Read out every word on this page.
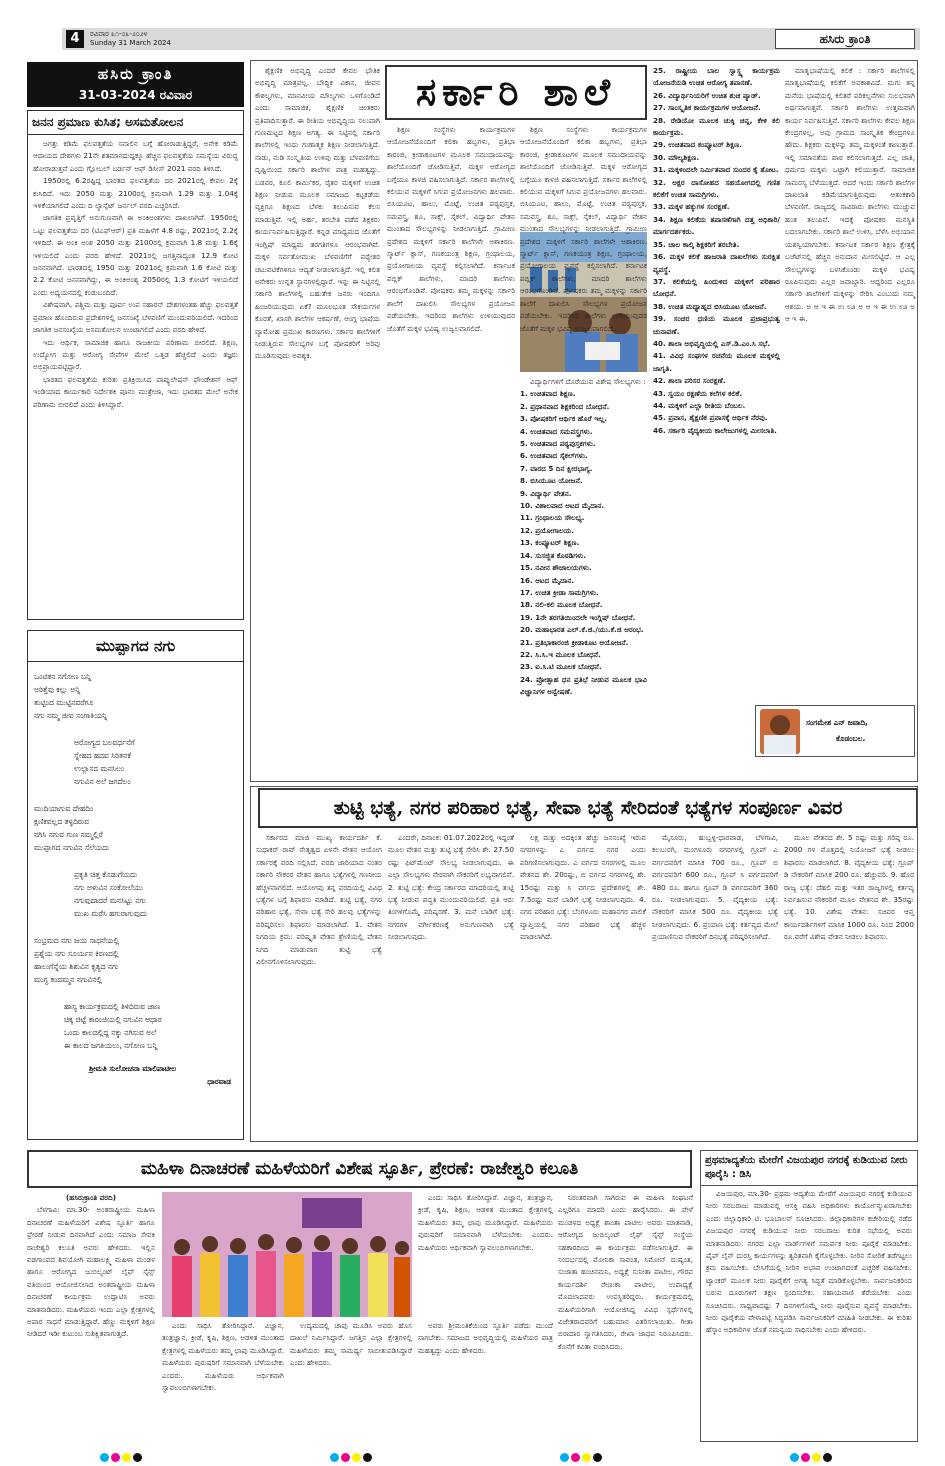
4	ರವಿವಾರ ೩೧-೦೩-೨೦೨೪
Sunday 31 March 2024	ಹಸಿರು ಕ್ರಾಂತಿ
ಹಸಿರು ಕ್ರಾಂತಿ
31-03-2024 ರವಿವಾರ
ಜನನ ಪ್ರಮಾಣ ಕುಸಿತ; ಅಸಮತೋಲನ

ಜಗತ್ತು ಕಡಿಮೆ ಫಲವತ್ತತೆಯ ಸವಾಲಿನ ಬಗ್ಗೆ ಹೋರಾಡುತ್ತಿದ್ದರೆ, ಅನೇಕ ಕಡಿಮೆ ಆದಾಯದ ದೇಶಗಳು 21ನೇ ಶತಮಾನದುದ್ದಕ್ಕೂ ಹೆಚ್ಚಿನ ಫಲವತ್ತತೆಯ ಸಮಸ್ಯೆಯ ವಿರುದ್ಧ ಹೋರಾಡುತ್ತವೆ ಎಂದು ಗ್ಲೋಬಲ್ ಬರ್ಡನ್ ಆಫ್ ಡಿಸೀಸ್ 2021 ವರದಿ ತಿಳಿಸಿದೆ.

1950ರಲ್ಲಿ 6.2ರಷ್ಟಿದ್ದ ಭಾರತದ ಫಲವತ್ತತೆಯ ದರ 2021ರಲ್ಲಿ ಕೇವಲ 2ಕ್ಕೆ ಕುಸಿದಿದೆ. ಇದು 2050 ಮತ್ತು 2100ರಲ್ಲಿ ಕ್ರಮವಾಗಿ 1.29 ಮತ್ತು 1.04ಕ್ಕೆ ಇಳಿಕೆಯಾಗಲಿದೆ ಎಂದು ದಿ ಲ್ಯಾನ್ಸೆಟ್ ಜರ್ನಲ್ ವರದಿ ಎಚ್ಚರಿಸಿದೆ.

ಜಾಗತಿಕ ಪ್ರವೃತ್ತಿಗೆ ಅನುಗುಣವಾಗಿ ಈ ಅಂಕಿಅಂಶಗಳು ದಾಖಲಾಗಿವೆ. 1950ರಲ್ಲಿ ಒಟ್ಟು ಫಲವತ್ತತೆಯ ದರ (ಟಿಎಫ್‌ಆರ್) ಪ್ರತಿ ಮಹಿಳೆಗೆ 4.8 ರಷ್ಟು, 2021ರಲ್ಲಿ 2.2ಕ್ಕೆ ಇಳಿದಿದೆ. ಈ ಅಂಕಿ ಅಂಶ 2050 ಮತ್ತು 2100ರಲ್ಲಿ ಕ್ರಮವಾಗಿ 1.8 ಮತ್ತು 1.6ಕ್ಕೆ ಇಳಿಯಲಿದೆ ಎಂದು ವರದಿ ಹೇಳಿದೆ. 2021ರಲ್ಲಿ ಜಗತ್ತಿನಾದ್ಯಂತ 12.9 ಕೋಟಿ ಜನನವಾಗಿದೆ. ಭಾರತದಲ್ಲಿ 1950 ಮತ್ತು 2021ರಲ್ಲಿ ಕ್ರಮವಾಗಿ 1.6 ಕೋಟಿ ಮತ್ತು 2.2 ಕೋಟಿ ಜನನವಾಗಿದ್ದು, ಈ ಅಂಕಿಅಂಶ್ಯ 2050ರಲ್ಲಿ 1.3 ಕೋಟಿಗೆ ಇಳಿಯಲಿದೆ ಎಂದು ಅಧ್ಯಯನದಲ್ಲಿ ಕಂಡುಬಂದಿದೆ.

ವಿಶೇಷವಾಗಿ, ಪಶ್ಚಿಮ ಮತ್ತು ಪೂರ್ವ ಉಪ ಸಹಾರನ್ ದೇಶಗಳಂತಹ ಹೆಚ್ಚು ಫಲವತ್ತತೆ ಪ್ರಮಾಣ ಹೊಂದಿರುವ ಪ್ರದೇಶಗಳಲ್ಲಿ ಜನಸಂಖ್ಯೆ ಬೆಳವಣಿಗೆ ಮುಂದುವರಿಯಲಿದೆ. ಇದರಿಂದ ಜಾಗತಿಕ ಜನಸಂಖ್ಯೆಯ ಅಸಮತೋಲನ ಉಂಟಾಗಲಿದೆ ಎಂದು ವರದಿ ಹೇಳಿದೆ.

ಇದು ಆರ್ಥಿಕ, ಸಾಮಾಜಿಕ ಹಾಗೂ ರಾಜಕೀಯ ಪರಿಣಾಮ ಬೀರಲಿದೆ. ಶಿಕ್ಷಣ, ಉದ್ಯೋಗ ಮತ್ತು ಆರೋಗ್ಯ ಸೇವೆಗಳ ಮೇಲೆ ಒತ್ತಡ ಹೆಚ್ಚಲಿದೆ ಎಂದು ತಜ್ಞರು ಅಭಿಪ್ರಾಯಪಟ್ಟಿದ್ದಾರೆ.

ಭಾರತದ ಫಲವತ್ತತೆಯ ಕುರಿತು ಪ್ರತಿಕ್ರಿಯಿಸಿದ ಪಾಪ್ಯುಲೇಷನ್ ಫೌಂಡೇಶನ್ ಆಫ್ ಇಂಡಿಯಾದ ಕಾರ್ಯಕಾರಿ ನಿರ್ದೇಶಕಿ ಪೂನಂ ಮುತ್ರೇಜಾ, ಇದು ಭಾರತದ ಮೇಲೆ ಅನೇಕ ಪರಿಣಾಮ ಬೀರಲಿದೆ ಎಂದು ತಿಳಿಸಿದ್ದಾರೆ.

ಮುಪ್ಪಾಗದ ನಗು
ಒಂಟಿತನ ನಗೋಣ ಬನ್ನಿ
ಅರಿತ್ತೆವು ಕಲ್ಲು ಅನ್ನಿ
ತುಟ್ಟಿಂದ ಮುಟ್ಟಿನವರೆಗೂ
ನಗು ನಮ್ಮ ಜೀವ ಸಂಗಾತಿಯನ್ನಿ
ಆರೋಗ್ಯದ ಬಲವರ್ಧನೆಗೆ
ಸ್ನೇಹದ ಹದವ ಸಿರಿತನಕೆ
ಉಲ್ಲಾಸದ ಮನಸಿಲಂ
ನಗುವಿನ ಅಲೆ ಜಗದೆಲಂ
ಮುದಿಯಾಗುವ ದೇಹದಿಂ
ಕ್ಷಣಿಕವಲ್ಲದ ತಳ್ಳದಿರುವ
ನಗಿಸಿ ನಗುವ ಗುಣ ನಮ್ಮಲ್ಲಿರೆ
ಮುಪ್ಪಾಗದ ನಗುವಿನ ಸೆಲೆಯದು
ಪ್ರಕೃತಿ ಚಿತ್ತ ಕೊಡುಗೆಯದು
ನಗು ಅಳುವಿನ ಸಂಕೋಲೆಯು
ನಗುವುದಾದರೆ ಮನಸಿಟ್ಟು ನಗು
ಮುಖ ಮರೆಸಿ ಹಗುರಾಗುವುದು
ಸಂಭ್ರಮದ ನಗು ಜಯ ಸಾಧನೆಯಲ್ಲಿ
ಪ್ರಶ್ನೆಯ ನಗು ಸೂರ್ಯನ ಕಿರಣದಲ್ಲಿ
ಹಾಲುಗೆನ್ನೆಯ ಶಿಶುವಿನ ಕೃತ್ಯದ ನಗು
ಮುಗ್ಧ ಕಂದಮ್ಮನ ನಗುವಿನಲ್ಲಿ
ಹಾಸ್ಯ ಕಾರ್ಯಕ್ರಮದಲ್ಲಿ ತಿಳಿದಿರುವ ಜಾಣ
ಚಿಕ್ಕ ಚಿಟ್ಟೆ ಕಾರಂಜಿಯಲ್ಲಿ ನಗುವಿನ ಆಧಾರ
ಒಂದು ಕಾಲದಲ್ಲಿದ್ದ ನಕ್ಕು ನಗಿಸುವ ಅಲೆ
ಈ ಕಾಲದ ಜಗತಿಯಲು, ನಗೋಣ ಬನ್ನಿ
ಶ್ರೀಮತಿ ಸುಲೋಚನಾ ಮಾಲಿಪಾಟೀಲ
ಧಾರವಾಡ
ಸರ್ಕಾರಿ ಶಾಲೆ

ಶೈಕ್ಷಣಿಕ ಅಭಿವೃದ್ಧಿ ಎಂದರೆ ಕೇವಲ ಭೌತಿಕ ಅಭಿವೃದ್ಧಿ ಮಾತ್ರವಲ್ಲ. ಬೌದ್ಧಿಕ ವಿಕಾಸ, ಜೀವನ ಕೌಶಲ್ಯಗಳು, ಮಾನವೀಯ ಮೌಲ್ಯಗಳು ಒಳಗೊಂಡಿದೆ ಎಂದು ಸಾಮಾಜಿಕ, ಶೈಕ್ಷಣಿಕ ಚಿಂತಕರು ಪ್ರತಿಪಾದಿಸುತ್ತಾರೆ. ಈ ರೀತಿಯ ಅಭಿವೃದ್ಧಿಯ ಸಲುವಾಗಿ ಗುಣಮಟ್ಟದ ಶಿಕ್ಷಣ ಅಗತ್ಯ. ಈ ನಿಟ್ಟಿನಲ್ಲಿ ಸರ್ಕಾರಿ ಶಾಲೆಗಳಲ್ಲಿ ಇಂದು ಗುಣಾತ್ಮಕ ಶಿಕ್ಷಣ ನೀಡಲಾಗುತ್ತಿದೆ. ನಾಡು, ನುಡಿ ಸಂಸ್ಕೃತಿಯ ಉಳಿವು ಮತ್ತು ಬೆಳವಣಿಗೆಯ ದೃಷ್ಟಿಯಿಂದ ಸರ್ಕಾರಿ ಶಾಲೆಗಳ ಪಾತ್ರ ಮಹತ್ವದ್ದು. ಬಡವರ, ಕೂಲಿ ಕಾರ್ಮಿಕರ, ರೈತರ ಮಕ್ಕಳಿಗೆ ಉಚಿತ ಶಿಕ್ಷಣ ನೀಡುವ ಮೂಲಕ ಸಮಾಜದ ಕಟ್ಟಕಡೆಯ ವ್ಯಕ್ತಿಗೂ ಶಿಕ್ಷಣದ ಬೆಳಕು ತಲುಪಿಸುವ ಕೆಲಸ ಮಾಡುತ್ತಿವೆ. ಇಲ್ಲಿ ಅರ್ಹ, ತರಬೇತಿ ಪಡೆದ ಶಿಕ್ಷಕರು ಕಾರ್ಯನಿರ್ವಹಿಸುತ್ತಿದ್ದಾರೆ. ಕನ್ನಡ ಮಾಧ್ಯಮದ ಜೊತೆಗೆ ಇಂಗ್ಲಿಷ್ ಮಾಧ್ಯಮ ತರಗತಿಗಳೂ ಆರಂಭವಾಗಿವೆ. ಮಕ್ಕಳ ಸರ್ವತೋಮುಖ ಬೆಳವಣಿಗೆಗೆ ಪಠ್ಯೇತರ ಚಟುವಟಿಕೆಗಳಿಗೂ ಆದ್ಯತೆ ನೀಡಲಾಗುತ್ತಿದೆ. ಇಲ್ಲಿ ಕಲಿತ ಅನೇಕರು ಉನ್ನತ ಸ್ಥಾನಗಳಲ್ಲಿದ್ದಾರೆ. ಇನ್ನು ಈ ನಿಟ್ಟಿನಲ್ಲಿ ಸರ್ಕಾರಿ ಶಾಲೆಗಳಲ್ಲಿ ಬಹುತೇಕ ಜನರು ಇಂದಿಗೂ ಹಿಂಜರಿಯುವುದು ಏಕೆ? ಮೂಲಭೂತ ಸೌಕರ್ಯಗಳ ಕೊರತೆ, ಖಾಸಗಿ ಶಾಲೆಗಳ ಆಕರ್ಷಣೆ, ಆಂಗ್ಲ ಭಾಷೆಯ ವ್ಯಾಮೋಹ ಪ್ರಮುಖ ಕಾರಣಗಳು. ಸರ್ಕಾರ ಶಾಲೆಗಳಿಗೆ ನೀಡುತ್ತಿರುವ ಸೌಲಭ್ಯಗಳ ಬಗ್ಗೆ ಪೋಷಕರಿಗೆ ಅರಿವು ಮೂಡಿಸುವುದು ಅವಶ್ಯಕ.

ಶಿಕ್ಷಣ ಸಂಸ್ಥೆಗಳು ಕಾರ್ಯಕ್ರಮಗಳ ಆಯೋಜನೆಯೊಂದಿಗೆ ಕಲಿಕಾ ಹಬ್ಬಗಳು, ಪ್ರತಿಭಾ ಕಾರಂಜಿ, ಕ್ರೀಡಾಕೂಟಗಳ ಮೂಲಕ ಸಮುದಾಯವನ್ನು ಶಾಲೆಯೊಂದಿಗೆ ಜೋಡಿಸುತ್ತಿವೆ. ಮಕ್ಕಳ ಆರೋಗ್ಯದ ಬಗ್ಗೆಯೂ ಕಾಳಜಿ ವಹಿಸಲಾಗುತ್ತಿದೆ. ಸರ್ಕಾರ ಶಾಲೆಗಳಲ್ಲಿ ಕಲಿಯುವ ಮಕ್ಕಳಿಗೆ ಸಿಗುವ ಪ್ರಯೋಜನಗಳು ಹಲವಾರು. ಬಿಸಿಯೂಟ, ಹಾಲು, ಮೊಟ್ಟೆ, ಉಚಿತ ಪಠ್ಯಪುಸ್ತಕ, ಸಮವಸ್ತ್ರ, ಶೂ, ಸಾಕ್ಸ್, ಸೈಕಲ್, ವಿದ್ಯಾರ್ಥಿ ವೇತನ ಮುಂತಾದ ಸೌಲಭ್ಯಗಳನ್ನು ನೀಡಲಾಗುತ್ತಿದೆ. ಗ್ರಾಮೀಣ ಪ್ರದೇಶದ ಮಕ್ಕಳಿಗೆ ಸರ್ಕಾರಿ ಶಾಲೆಗಳೇ ಆಶಾಕಿರಣ. ಸ್ಮಾರ್ಟ್ ಕ್ಲಾಸ್, ಗಣಕಯಂತ್ರ ಶಿಕ್ಷಣ, ಗ್ರಂಥಾಲಯ, ಪ್ರಯೋಗಾಲಯ ವ್ಯವಸ್ಥೆ ಕಲ್ಪಿಸಲಾಗಿದೆ. ಕರ್ನಾಟಕ ಪಬ್ಲಿಕ್ ಶಾಲೆಗಳು, ಮಾದರಿ ಶಾಲೆಗಳು ಆರಂಭಗೊಂಡಿವೆ. ಪೋಷಕರು ತಮ್ಮ ಮಕ್ಕಳನ್ನು ಸರ್ಕಾರಿ ಶಾಲೆಗೆ ದಾಖಲಿಸಿ ಸೌಲಭ್ಯಗಳ ಪ್ರಯೋಜನ ಪಡೆಯಬೇಕು. ಇದರಿಂದ ಶಾಲೆಗಳು ಉಳಿಯುವುದರ ಜೊತೆಗೆ ಮಕ್ಕಳ ಭವಿಷ್ಯ ಉಜ್ವಲವಾಗಲಿದೆ.

ಶಿಕ್ಷಣ ಸಂಸ್ಥೆಗಳು ಕಾರ್ಯಕ್ರಮಗಳ ಆಯೋಜನೆಯೊಂದಿಗೆ ಕಲಿಕಾ ಹಬ್ಬಗಳು, ಪ್ರತಿಭಾ ಕಾರಂಜಿ, ಕ್ರೀಡಾಕೂಟಗಳ ಮೂಲಕ ಸಮುದಾಯವನ್ನು ಶಾಲೆಯೊಂದಿಗೆ ಜೋಡಿಸುತ್ತಿವೆ. ಮಕ್ಕಳ ಆರೋಗ್ಯದ ಬಗ್ಗೆಯೂ ಕಾಳಜಿ ವಹಿಸಲಾಗುತ್ತಿದೆ. ಸರ್ಕಾರ ಶಾಲೆಗಳಲ್ಲಿ ಕಲಿಯುವ ಮಕ್ಕಳಿಗೆ ಸಿಗುವ ಪ್ರಯೋಜನಗಳು ಹಲವಾರು. ಬಿಸಿಯೂಟ, ಹಾಲು, ಮೊಟ್ಟೆ, ಉಚಿತ ಪಠ್ಯಪುಸ್ತಕ, ಸಮವಸ್ತ್ರ, ಶೂ, ಸಾಕ್ಸ್, ಸೈಕಲ್, ವಿದ್ಯಾರ್ಥಿ ವೇತನ ಮುಂತಾದ ಸೌಲಭ್ಯಗಳನ್ನು ನೀಡಲಾಗುತ್ತಿದೆ. ಗ್ರಾಮೀಣ ಪ್ರದೇಶದ ಮಕ್ಕಳಿಗೆ ಸರ್ಕಾರಿ ಶಾಲೆಗಳೇ ಆಶಾಕಿರಣ. ಸ್ಮಾರ್ಟ್ ಕ್ಲಾಸ್, ಗಣಕಯಂತ್ರ ಶಿಕ್ಷಣ, ಗ್ರಂಥಾಲಯ, ಪ್ರಯೋಗಾಲಯ ವ್ಯವಸ್ಥೆ ಕಲ್ಪಿಸಲಾಗಿದೆ. ಕರ್ನಾಟಕ ಪಬ್ಲಿಕ್ ಶಾಲೆಗಳು, ಮಾದರಿ ಶಾಲೆಗಳು ಆರಂಭಗೊಂಡಿವೆ. ಪೋಷಕರು ತಮ್ಮ ಮಕ್ಕಳನ್ನು ಸರ್ಕಾರಿ ಶಾಲೆಗೆ ದಾಖಲಿಸಿ ಸೌಲಭ್ಯಗಳ ಪ್ರಯೋಜನ ಪಡೆಯಬೇಕು. ಇದರಿಂದ ಶಾಲೆಗಳು ಉಳಿಯುವುದರ ಜೊತೆಗೆ ಮಕ್ಕಳ ಭವಿಷ್ಯ ಉಜ್ವಲವಾಗಲಿದೆ.

ವಿದ್ಯಾರ್ಥಿಗಳಿಗೆ ದೊರೆಯುವ ವಿಶೇಷ ಸೌಲಭ್ಯಗಳು :
1. ಉಚಿತವಾದ ಶಿಕ್ಷಣ.
2. ಪ್ರಧಾನವಾದ ಶಿಕ್ಷಕರಿಂದ ಬೋಧನೆ.
3. ಪೋಷಕರಿಗೆ ಆರ್ಥಿಕ ಹೊರೆ ಇಲ್ಲ.
4. ಉಚಿತವಾದ ಸಮವಸ್ತ್ರಗಳು.
5. ಉಚಿತವಾದ ಪಠ್ಯಪುಸ್ತಕಗಳು.
6. ಉಚಿತವಾದ ಸೈಕಲ್‌ಗಳು.
7. ವಾರದ 5 ದಿನ ಕ್ಷೀರಭಾಗ್ಯ.
8. ಬಿಸಿಯೂಟ ಯೋಜನೆ.
9. ವಿದ್ಯಾರ್ಥಿ ವೇತನ.
10. ವಿಶಾಲವಾದ ಆಟದ ಮೈದಾನ.
11. ಗ್ರಂಥಾಲಯ ಸೌಲಭ್ಯ.
12. ಪ್ರಯೋಗಾಲಯ.
13. ಕಂಪ್ಯೂಟರ್ ಶಿಕ್ಷಣ.
14. ಸುಸಜ್ಜಿತ ಕೊಠಡಿಗಳು.
15. ನವೀನ ಶೌಚಾಲಯಗಳು.
16. ಆಟದ ಮೈದಾನ.
17. ಉಚಿತ ಕ್ರೀಡಾ ಸಾಮಗ್ರಿಗಳು.
18. ನಲಿ-ಕಲಿ ಮೂಲಕ ಬೋಧನೆ.
19. 1ನೇ ತರಗತಿಯಿಂದಲೇ ಇಂಗ್ಲಿಷ್ ಬೋಧನೆ.
20. ಮಹಾಭಾರತ ಎಲ್.ಕೆ.ಜಿ./ಯು.ಕೆ.ಜಿ ಆರಂಭ.
21. ಪ್ರತಿಭಾಕಾರಂಜಿ ಕ್ರೀಡಾಕೂಟ ಆಯೋಜನೆ.
22. ಸಿ.ಸಿ.ಇ ಮೂಲಕ ಬೋಧನೆ.
23. ಐ.ಸಿ.ಟಿ ಮೂಲಕ ಬೋಧನೆ.
24. ಪ್ರೋತ್ಸಾಹ ಧನ ಪ್ರತಿಭೆ ನೀಡುವ ಮೂಲಕ ಭಾವಿ ವಿಜ್ಞಾನಿಗಳ ಅನ್ವೇಷಣೆ.
25. ರಾಷ್ಟ್ರೀಯ ಬಾಲ ಸ್ವಾಸ್ಥ್ಯ ಕಾರ್ಯಕ್ರಮ ಯೋಜನೆಯಡಿ ಉಚಿತ ಆರೋಗ್ಯ ತಪಾಸಣೆ.
26. ವಿದ್ಯಾರ್ಥಿನಿಯರಿಗೆ ಉಚಿತ ಶುಚಿ ಪ್ಯಾಡ್.
27. ಸಾಂಸ್ಕೃತಿಕ ಕಾರ್ಯಕ್ರಮಗಳ ಆಯೋಜನೆ.
28. ರೇಡಿಯೋ ಮೂಲಕ ಚುಕ್ಕಿ ಚಿನ್ನ, ಕೇಳಿ ಕಲಿ ಕಾರ್ಯಕ್ರಮ.
29. ಉಚಿತವಾದ ಕಂಪ್ಯೂಟರ್ ಶಿಕ್ಷಣ.
30. ಮೌಲ್ಯಶಿಕ್ಷಣ.
31. ಮಕ್ಕಳಿಂದಲೇ ನಿರ್ಮಿತವಾದ ಸುಂದರ ಕೈ ತೋಟ.
32. ಅಕ್ಷರ ದಾಸೋಹದ ಸಹಯೋಗದಲ್ಲಿ ಗಣಿತ ಕಲಿಕೆಗೆ ಉಚಿತ ಸಾಮಗ್ರಿಗಳು.
33. ಮಕ್ಕಳ ಹಕ್ಕುಗಳ ಸಂರಕ್ಷಣೆ.
34. ಶಿಕ್ಷಣ ಕಲಿಕೆಯ ತಪಾಸಣೆಗಾಗಿ ದತ್ತ ಅಧಿಕಾರಿ/ ಮಾರ್ಗದರ್ಶಕರು.
35. ಚಾಲ ಕಾಲ್ಕಿ ಶಿಕ್ಷಕರಿಗೆ ತರಬೇತಿ.
36. ಮಕ್ಕಳ ಕಲಿಕೆ ಹಾಜರಾತಿ ದಾಖಲೆಗಳು ಸುರಕ್ಷಿತ ವ್ಯವಸ್ಥೆ.
37. ಕಲಿಕೆಯಲ್ಲಿ ಹಿಂದುಳಿದ ಮಕ್ಕಳಿಗೆ ಪರಿಹಾರ ಬೋಧನೆ.
38. ಉಚಿತ ಮಧ್ಯಾಹ್ನದ ಬಿಸಿಯೂಟ ಯೋಜನೆ.
39. ಸಂಚರ ಧಣಿಯ ಮೂಲಕ ಪ್ರಜಾಪ್ರಭುತ್ವ ಚುನಾವಣೆ.
40. ಶಾಲಾ ಅಭಿವೃದ್ಧಿಯಲ್ಲಿ ಎಸ್.ಡಿ.ಎಂ.ಸಿ ಸಭೆ.
41. ವಿವಿಧ ಸಂಘಗಳ ರಚನೆಯ ಮೂಲಕ ಮಕ್ಕಳಲ್ಲಿ ಜಾಗೃತಿ.
42. ಶಾಲಾ ಪರಿಸರ ಸಂರಕ್ಷಣೆ.
43. ಸ್ವಯಂ ರಕ್ಷಣೆಯ ಕಲೆಗಳ ಕಲಿಕೆ.
44. ಮಕ್ಕಳಿಗೆ ಎಲ್ಲಾ ರೀತಿಯ ಬೆಂಬಲ.
45. ಪ್ರವಾಸ, ಶೈಕ್ಷಣಿಕ ಪ್ರವಾಸಕ್ಕೆ ಆರ್ಥಿಕ ನೆರವು.
46. ಸರ್ಕಾರಿ ವೈದ್ಯಕೀಯ ಕಾಲೇಜುಗಳಲ್ಲಿ ಮೀಸಲಾತಿ.

ಮಾತೃಭಾಷೆಯಲ್ಲಿ ಕಲಿಕೆ : ಸರ್ಕಾರಿ ಶಾಲೆಗಳಲ್ಲಿ ಮಾತೃಭಾಷೆಯಲ್ಲಿ ಕಲಿಕೆಗೆ ಅವಕಾಶವಿದೆ. ಮಗು ತನ್ನ ಮನೆಯ ಭಾಷೆಯಲ್ಲಿ ಕಲಿತರೆ ಪರಿಕಲ್ಪನೆಗಳು ಸುಲಭವಾಗಿ ಅರ್ಥವಾಗುತ್ತವೆ. ಸರ್ಕಾರಿ ಶಾಲೆಗಳು ಉತ್ತಮವಾಗಿ ಕಾರ್ಯ ನಿರ್ವಹಿಸುತ್ತಿವೆ. ಸರ್ಕಾರಿ ಶಾಲೆಗಳು ಕೇವಲ ಶಿಕ್ಷಣ ಕೇಂದ್ರಗಳಲ್ಲ, ಅವು ಗ್ರಾಮದ ಸಾಂಸ್ಕೃತಿಕ ಕೇಂದ್ರಗಳೂ ಹೌದು. ಶಿಕ್ಷಕರು ಮಕ್ಕಳನ್ನು ತಮ್ಮ ಮಕ್ಕಳಂತೆ ಕಾಣುತ್ತಾರೆ. ಇಲ್ಲಿ ಸಮಾನತೆಯ ಪಾಠ ಕಲಿಸಲಾಗುತ್ತದೆ. ಎಲ್ಲ ಜಾತಿ, ಧರ್ಮದ ಮಕ್ಕಳು ಒಟ್ಟಾಗಿ ಕಲಿಯುತ್ತಾರೆ. ಸಾಮಾಜಿಕ ಸಾಮರಸ್ಯ ಬೆಳೆಯುತ್ತದೆ. ಆದರೆ ಇಂದು ಸರ್ಕಾರಿ ಶಾಲೆಗಳ ದಾಖಲಾತಿ ಕಡಿಮೆಯಾಗುತ್ತಿರುವುದು ಆತಂಕಕಾರಿ ಬೆಳವಣಿಗೆ. ರಾಜ್ಯದಲ್ಲಿ ಸಾವಿರಾರು ಶಾಲೆಗಳು ಮುಚ್ಚುವ ಹಂತ ತಲುಪಿವೆ. ಇದಕ್ಕೆ ಪೋಷಕರ ಮನಸ್ಥಿತಿ ಬದಲಾಗಬೇಕು. ಸರ್ಕಾರಿ ಶಾಲೆ ಉಳಿಸಿ, ಬೆಳೆಸಿ ಅಭಿಯಾನ ಯಶಸ್ವಿಯಾಗಬೇಕು. ಕರ್ನಾಟಕ ಸರ್ಕಾರ ಶಿಕ್ಷಣ ಕ್ಷೇತ್ರಕ್ಕೆ ಬಜೆಟ್‌ನಲ್ಲಿ ಹೆಚ್ಚಿನ ಅನುದಾನ ಮೀಸಲಿಟ್ಟಿದೆ. ಆ ಎಲ್ಲ ಸೌಲಭ್ಯಗಳನ್ನು ಬಳಸಿಕೊಂಡು ಮಕ್ಕಳ ಭವಿಷ್ಯ ರೂಪಿಸುವುದು ಎಲ್ಲರ ಜವಾಬ್ದಾರಿ. ಆದ್ದರಿಂದ ಎಲ್ಲರೂ ಸರ್ಕಾರಿ ಶಾಲೆಗಳಿಗೆ ಮಕ್ಕಳನ್ನು ಸೇರಿಸಿ ಎಂಬುದು ನಮ್ಮ ಆಶಯ. ಅ ಆ ಇ ಈ ಉ ಊ ಅ ಆ ಇ ಈ ಉ ಊ ಅ ಆ ಇ ಈ.

ಸಂಗಮೇಶ ಎನ್ ಜವಾದಿ,
ಕೊಡಂಬಲ.
ತುಟ್ಟಿ ಭತ್ಯೆ, ನಗರ ಪರಿಹಾರ ಭತ್ಯೆ, ಸೇವಾ ಭತ್ಯೆ ಸೇರಿದಂತೆ ಭತ್ಯೆಗಳ ಸಂಪೂರ್ಣ ವಿವರ

ಸರ್ಕಾರದ ಮಾಜಿ ಮುಖ್ಯ ಕಾರ್ಯದರ್ಶಿ ಕೆ. ಸುಧಾಕರ್ ರಾವ್ ನೇತೃತ್ವದ ಏಳನೇ ವೇತನ ಆಯೋಗ ಸರ್ಕಾರಕ್ಕೆ ವರದಿ ಸಲ್ಲಿಸಿದೆ. ವರದಿ ಜಾರಿಯಾದ ನಂತರ ಸರ್ಕಾರಿ ನೌಕರರ ವೇತನ ಹಾಗೂ ಭತ್ಯೆಗಳಲ್ಲಿ ಗಣನೀಯ ಹೆಚ್ಚಳವಾಗಲಿದೆ. ಆಯೋಗವು ತನ್ನ ವರದಿಯಲ್ಲಿ ವಿವಿಧ ಭತ್ಯೆಗಳ ಬಗ್ಗೆ ಶಿಫಾರಸು ಮಾಡಿದೆ. ತುಟ್ಟಿ ಭತ್ಯೆ, ನಗರ ಪರಿಹಾರ ಭತ್ಯೆ, ಸೇವಾ ಭತ್ಯೆ ಸೇರಿ ಹಲವು ಭತ್ಯೆಗಳನ್ನು ಪರಿಷ್ಕರಿಸಲು ಶಿಫಾರಸು ಮಾಡಲಾಗಿದೆ. 1. ವೇತನ ನಿಗದಿಯ ಕ್ರಮ: ಪರಿಷ್ಕೃತ ವೇತನ ಶ್ರೇಣಿಯಲ್ಲಿ ವೇತನ ನಿಗದಿ ಮಾಡುವಾಗ ತುಟ್ಟಿ ಭತ್ಯೆ ವಿಲೀನಗೊಳಿಸಲಾಗುವುದು.

ಎಂದರೇ, ದಿನಾಂಕ: 01.07.2022ರಲ್ಲಿ ಇದ್ದಂತೆ ಮೂಲ ವೇತನ ಮತ್ತು ತುಟ್ಟಿ ಭತ್ಯೆ ಸೇರಿಸಿ ಶೇ. 27.50 ರಷ್ಟು ಫಿಟ್‌ಮೆಂಟ್ ಸೌಲಭ್ಯ ನೀಡಲಾಗುವುದು. ಈ ಎಲ್ಲಾ ಸೌಲಭ್ಯಗಳು ನೇರವಾಗಿ ನೌಕರರಿಗೆ ಲಭ್ಯವಾಗಲಿವೆ. 2. ತುಟ್ಟಿ ಭತ್ಯೆ: ಕೇಂದ್ರ ಸರ್ಕಾರದ ಮಾದರಿಯಲ್ಲಿ ತುಟ್ಟಿ ಭತ್ಯೆ ನೀಡುವ ಪದ್ಧತಿ ಮುಂದುವರಿಯಲಿದೆ. ಪ್ರತಿ ಆರು ತಿಂಗಳಿಗೊಮ್ಮೆ ಪರಿಷ್ಕರಣೆ. 3. ಮನೆ ಬಾಡಿಗೆ ಭತ್ಯೆ: ನಗರಗಳ ವರ್ಗೀಕರಣಕ್ಕೆ ಅನುಗುಣವಾಗಿ ಭತ್ಯೆ ನೀಡಲಾಗುವುದು.

ಲಕ್ಷ ಮತ್ತು ಅದಕ್ಕಿಂತ ಹೆಚ್ಚು ಜನಸಂಖ್ಯೆ ಇರುವ ನಗರಗಳನ್ನು ಎ ವರ್ಗದ ನಗರ ಎಂದು ಪರಿಗಣಿಸಲಾಗುವುದು. ಎ ವರ್ಗದ ನಗರಗಳಲ್ಲಿ ಮೂಲ ವೇತನದ ಶೇ. 20ರಷ್ಟು, ಬಿ ವರ್ಗದ ನಗರಗಳಲ್ಲಿ ಶೇ. 15ರಷ್ಟು ಮತ್ತು ಸಿ ವರ್ಗದ ಪ್ರದೇಶಗಳಲ್ಲಿ ಶೇ. 7.5ರಷ್ಟು ಮನೆ ಬಾಡಿಗೆ ಭತ್ಯೆ ನೀಡಲಾಗುವುದು. 4. ನಗರ ಪರಿಹಾರ ಭತ್ಯೆ: ಬೆಂಗಳೂರು ಮಹಾನಗರ ಪಾಲಿಕೆ ವ್ಯಾಪ್ತಿಯಲ್ಲಿ ನಗರ ಪರಿಹಾರ ಭತ್ಯೆ ಹೆಚ್ಚಳ ಮಾಡಲಾಗಿದೆ.

ಮೈಸೂರು, ಹುಬ್ಬಳ್ಳಿ-ಧಾರವಾಡ, ಬೆಳಗಾವಿ, ಕಲಬುರಗಿ, ಮಂಗಳೂರು ನಗರಗಳಲ್ಲಿ ಗ್ರೂಪ್ ಎ ವರ್ಗದವರಿಗೆ ಮಾಸಿಕ 700 ರೂ., ಗ್ರೂಪ್ ಬಿ ವರ್ಗದವರಿಗೆ 600 ರೂ., ಗ್ರೂಪ್ ಸಿ ವರ್ಗದವರಿಗೆ 480 ರೂ. ಹಾಗೂ ಗ್ರೂಪ್ ಡಿ ವರ್ಗದವರಿಗೆ 360 ರೂ. ನೀಡಲಾಗುವುದು. 5. ವೈದ್ಯಕೀಯ ಭತ್ಯೆ: ನೌಕರರಿಗೆ ಮಾಸಿಕ 500 ರೂ. ವೈದ್ಯಕೀಯ ಭತ್ಯೆ ನೀಡಲಾಗುವುದು. 6. ಪ್ರಯಾಣ ಭತ್ಯೆ: ಕರ್ತವ್ಯದ ಮೇಲೆ ಪ್ರಯಾಣಿಸುವ ನೌಕರರಿಗೆ ದಿನಭತ್ಯೆ ಪರಿಷ್ಕರಿಸಲಾಗಿದೆ.

ಮೂಲ ವೇತನದ ಶೇ. 5 ರಷ್ಟು ಮತ್ತು ಗರಿಷ್ಠ ರೂ. 2000 ಗಳ ಮೊತ್ತದಲ್ಲಿ ನಿಯೋಜನೆ ಭತ್ಯೆ ನೀಡಲು ಶಿಫಾರಸು ಮಾಡಲಾಗಿದೆ. 8. ವೈದ್ಯಕೀಯ ಭತ್ಯೆ: ಗ್ರೂಪ್ ಡಿ ನೌಕರರಿಗೆ ಮಾಸಿಕ 200 ರೂ. ಹೆಚ್ಚುವರಿ. 9. ಹೊರ ರಾಜ್ಯ ಭತ್ಯೆ: ದೆಹಲಿ ಮತ್ತು ಇತರ ರಾಜ್ಯಗಳಲ್ಲಿ ಕರ್ತವ್ಯ ನಿರ್ವಹಿಸುವ ನೌಕರರಿಗೆ ಮೂಲ ವೇತನದ ಶೇ. 35ರಷ್ಟು ಭತ್ಯೆ. 10. ವಿಶೇಷ ವೇತನ: ಸಚಿವರ ಆಪ್ತ ಕಾರ್ಯದರ್ಶಿಗಳಿಗೆ ಮಾಸಿಕ 1000 ರೂ. ನಿಂದ 2000 ರೂ.ವರೆಗೆ ವಿಶೇಷ ವೇತನ ನೀಡಲು ಶಿಫಾರಸು.

ಮಹಿಳಾ ದಿನಾಚರಣೆ ಮಹಿಳೆಯರಿಗೆ ವಿಶೇಷ ಸ್ಫೂರ್ತಿ, ಪ್ರೇರಣೆ: ರಾಜೇಶ್ವರಿ ಕಲೂತಿ
(ಹಸಿರುಕ್ರಾಂತಿ ವರದಿ)

ಬೆಳಗಾವಿ: ಮಾ.30- ಅಂತರಾಷ್ಟ್ರೀಯ ಮಹಿಳಾ ದಿನಾಚರಣೆ ಮಹಿಳೆಯರಿಗೆ ವಿಶೇಷ ಸ್ಫೂರ್ತಿ ಹಾಗೂ ಪ್ರೇರಣೆ ನೀಡುವ ದಿನವಾಗಿದೆ ಎಂದು ಸಮಾಜ ಸೇವಕಿ ರಾಜೇಶ್ವರಿ ಕಲೂತಿ ಅವರು ಹೇಳಿದರು. ಇಲ್ಲಿನ ವಡಗಾಂವದ ಶಿವಯೋಗಿ ಮಹಾಲಕ್ಷ್ಮಿ ಮಹಿಳಾ ಮಂಡಳ ಹಾಗೂ ಆರೋಗ್ಯದ ಜುಬಿಲ್ಯಂಟ್ ಲೈಫ್ ಸೈನ್ಸ್ ವತಿಯಿಂದ ಆಯೋಜಿಸಲಾದ ಅಂತರಾಷ್ಟ್ರೀಯ ಮಹಿಳಾ ದಿನಾಚರಣೆ ಕಾರ್ಯಕ್ರಮ ಉದ್ಘಾಟಿಸಿ ಅವರು ಮಾತನಾಡಿದರು. ಮಹಿಳೆಯರು ಇಂದು ಎಲ್ಲಾ ಕ್ಷೇತ್ರಗಳಲ್ಲಿ ಅಪಾರ ಸಾಧನೆ ಮಾಡುತ್ತಿದ್ದಾರೆ. ಹೆಣ್ಣು ಮಕ್ಕಳಿಗೆ ಶಿಕ್ಷಣ ನೀಡಿದರೆ ಇಡೀ ಕುಟುಂಬ ಸುಶಿಕ್ಷಿತವಾಗುತ್ತದೆ.

ಎಂದು ಸಾಧಿಸಿ ತೋರಿಸಿದ್ದಾರೆ. ವಿಜ್ಞಾನ, ತಂತ್ರಜ್ಞಾನ, ಕ್ರೀಡೆ, ಕೃಷಿ, ಶಿಕ್ಷಣ, ಆಡಳಿತ ಮುಂತಾದ ಕ್ಷೇತ್ರಗಳಲ್ಲಿ ಮಹಿಳೆಯರು ತಮ್ಮ ಛಾಪು ಮೂಡಿಸಿದ್ದಾರೆ. ಮಹಿಳೆಯರು ಪುರುಷರಿಗೆ ಸಮಾನವಾಗಿ ಬೆಳೆಯಬೇಕು ಎಂದರು. ಮಹಿಳೆಯರು ಆರ್ಥಿಕವಾಗಿ ಸ್ವಾವಲಂಬಿಗಳಾಗಬೇಕು.

ಉದ್ಯಮದಲ್ಲಿ ಚಾಪು ಮೂಡಿಸಿ ಅವರು ಹೊಸ ದಾಖಲೆ ನಿರ್ಮಿಸಿದ್ದಾರೆ. ಜಗತ್ತಿನ ಎಲ್ಲಾ ಕ್ಷೇತ್ರಗಳಲ್ಲಿ ಮಹಿಳೆಯರು ತಮ್ಮ ಸಾಮರ್ಥ್ಯ ಸಾಬೀತುಪಡಿಸಿದ್ದಾರೆ ಎಂದು ಹೇಳಿದರು.

ಅವರು ಶ್ರೀಮಂತಿಕೆಯಿಂದ ಸ್ಫೂರ್ತಿ ಪಡೆದು ಮುಂದೆ ಸಾಗಬೇಕು. ಸಮಾಜದ ಅಭಿವೃದ್ಧಿಯಲ್ಲಿ ಮಹಿಳೆಯರ ಪಾತ್ರ ಮಹತ್ವದ್ದು ಎಂದು ಹೇಳಿದರು.

ನಿರಂತರವಾಗಿ ಸಾಗಿರುವ ಈ ಮಹಿಳಾ ಸಂಘಟನೆ ಎಲ್ಲರಿಗೂ ಮಾದರಿ ಎಂದು ಹಾರೈಸಿದರು. ಈ ವೇಳೆ ಮಂಡಳದ ಅಧ್ಯಕ್ಷೆ ಶಾಂತಾ ಪಾಟೀಲ ಅವರು ಮಾತನಾಡಿ, ಆರೋಗ್ಯದ ಜುಬಿಲ್ಯಂಟ್ ಲೈಫ್ ಸೈನ್ಸ್ ಸಂಸ್ಥೆಯ ಸಹಕಾರದಿಂದ ಈ ಕಾರ್ಯಕ್ರಮ ನಡೆಸಲಾಗುತ್ತಿದೆ. ಈ ಸಂದರ್ಭದಲ್ಲಿ ಮೋನಿಕಾ ಸಾವಂತ, ಸಿಮೋನ್ ದುಷ್ಯಂತ, ಸುಜಾತಾ ಹಂಚಿನಮನಿ, ಅಧ್ಯಕ್ಷೆ ಸುನೀತಾ ಪಾಟೀಲ, ಗೌರವ ಕಾರ್ಯದರ್ಶಿ ರೇಣುಕಾ ಪಾಟೀಲ, ಉಪಾಧ್ಯಕ್ಷೆ ಮೊದಲಾದವರು ಉಪಸ್ಥಿತರಿದ್ದರು. ಕಾರ್ಯಕ್ರಮದಲ್ಲಿ ಮಹಿಳೆಯರಿಗಾಗಿ ಆಯೋಜಿಸಿದ್ದ ವಿವಿಧ ಸ್ಪರ್ಧೆಗಳಲ್ಲಿ ವಿಜೇತರಾದವರಿಗೆ ಬಹುಮಾನ ವಿತರಿಸಲಾಯಿತು. ಗೀತಾ ಬಿರಾದಾರ ಸ್ವಾಗತಿಸಿದರು, ರೇಖಾ ಜಾಧವ ನಿರೂಪಿಸಿದರು. ಕೊನೆಗೆ ಕವಿತಾ ವಂದಿಸಿದರು.

ಎಂದು ಸಾಧಿಸಿ ತೋರಿಸಿದ್ದಾರೆ. ವಿಜ್ಞಾನ, ತಂತ್ರಜ್ಞಾನ, ಕ್ರೀಡೆ, ಕೃಷಿ, ಶಿಕ್ಷಣ, ಆಡಳಿತ ಮುಂತಾದ ಕ್ಷೇತ್ರಗಳಲ್ಲಿ ಮಹಿಳೆಯರು ತಮ್ಮ ಛಾಪು ಮೂಡಿಸಿದ್ದಾರೆ. ಮಹಿಳೆಯರು ಪುರುಷರಿಗೆ ಸಮಾನವಾಗಿ ಬೆಳೆಯಬೇಕು ಎಂದರು. ಮಹಿಳೆಯರು ಆರ್ಥಿಕವಾಗಿ ಸ್ವಾವಲಂಬಿಗಳಾಗಬೇಕು.

ಪ್ರಥಮಾದ್ಯತೆಯ ಮೇರೆಗೆ ವಿಜಯಪುರ ನಗರಕ್ಕೆ ಕುಡಿಯುವ ನೀರು ಪೂರೈಸಿ : ಡಿಸಿ

ವಿಜಯಪುರ, ಮಾ.30- ಪ್ರಥಮ ಆದ್ಯತೆಯ ಮೇರೆಗೆ ವಿಜಯಪುರ ನಗರಕ್ಕೆ ಕುಡಿಯುವ ನೀರು ಸರಬರಾಜು ಮಾಡುವಲ್ಲಿ ಆಸಕ್ತಿ ವಹಿಸಿ ಅಧಿಕಾರಿಗಳು ಕಾರ್ಯೋನ್ಮುಖರಾಗಬೇಕು ಎಂದು ಜಿಲ್ಲಾಧಿಕಾರಿ ಟಿ. ಭೂಬಾಲನ್ ಸೂಚಿಸಿದರು. ಜಿಲ್ಲಾಧಿಕಾರಿಗಳ ಕಚೇರಿಯಲ್ಲಿ ನಡೆದ ವಿಜಯಪುರ ನಗರಕ್ಕೆ ಕುಡಿಯುವ ನೀರು ಸರಬರಾಜು ಕುರಿತ ಸಭೆಯಲ್ಲಿ ಅವರು ಮಾತನಾಡಿದರು. ನಗರದ ಎಲ್ಲಾ ವಾರ್ಡ್‌ಗಳಿಗೆ ಸಮರ್ಪಕ ನೀರು ಪೂರೈಕೆ ಮಾಡಬೇಕು. ಪೈಪ್ ಲೈನ್ ದುರಸ್ತಿ ಕಾರ್ಯಗಳನ್ನು ತ್ವರಿತವಾಗಿ ಕೈಗೊಳ್ಳಬೇಕು. ನೀರಿನ ಸೋರಿಕೆ ತಡೆಗಟ್ಟಲು ಕ್ರಮ ವಹಿಸಬೇಕು. ಬೇಸಿಗೆಯಲ್ಲಿ ನೀರಿನ ಅಭಾವ ಉಂಟಾಗದಂತೆ ಎಚ್ಚರಿಕೆ ವಹಿಸಬೇಕು. ಟ್ಯಾಂಕರ್ ಮೂಲಕ ನೀರು ಪೂರೈಕೆಗೆ ಅಗತ್ಯ ಸಿದ್ಧತೆ ಮಾಡಿಕೊಳ್ಳಬೇಕು. ಸಾರ್ವಜನಿಕರಿಂದ ಬರುವ ದೂರುಗಳಿಗೆ ತಕ್ಷಣ ಸ್ಪಂದಿಸಬೇಕು. ಸಹಾಯವಾಣಿ ತೆರೆಯಬೇಕು ಎಂದು ಸೂಚಿಸಿದರು. ಸಾಧ್ಯವಾದಷ್ಟು 7 ದಿನಗಳಿಗೊಮ್ಮೆ ನೀರು ಪೂರೈಸುವ ವ್ಯವಸ್ಥೆ ಮಾಡಬೇಕು. ನೀರು ಪೂರೈಕೆಯ ವೇಳಾಪಟ್ಟಿ ಸಿದ್ಧಪಡಿಸಿ ಸಾರ್ವಜನಿಕರಿಗೆ ಮಾಹಿತಿ ನೀಡಬೇಕು. ಈ ಕುರಿತು ಹೆಸ್ಕಾಂ ಅಧಿಕಾರಿಗಳ ಜೊತೆ ಸಮನ್ವಯ ಸಾಧಿಸಬೇಕು ಎಂದು ಹೇಳಿದರು.
